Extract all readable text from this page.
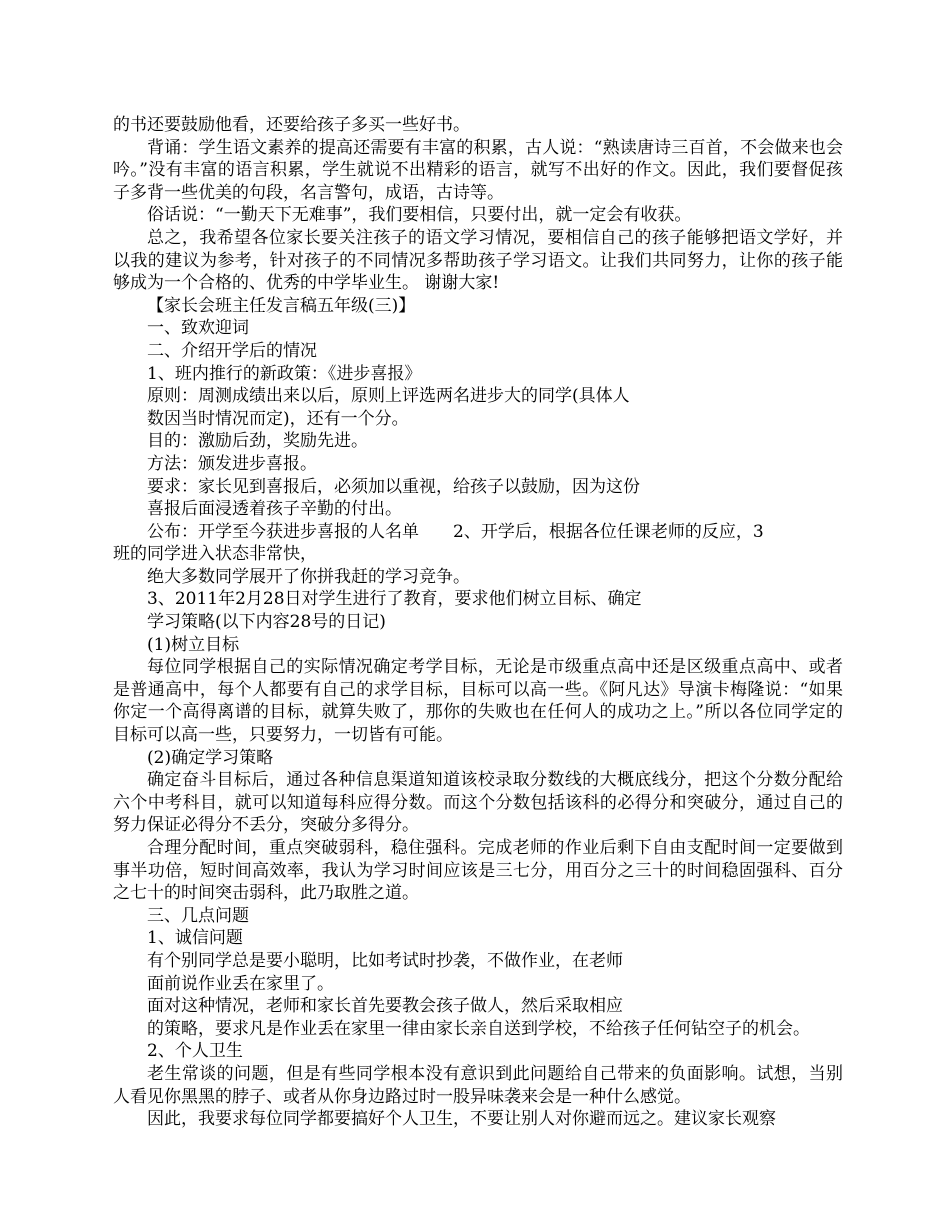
的书还要鼓励他看，还要给孩子多买一些好书。

背诵：学生语文素养的提高还需要有丰富的积累，古人说：“熟读唐诗三百首，不会做来也会吟。”没有丰富的语言积累，学生就说不出精彩的语言，就写不出好的作文。因此，我们要督促孩子多背一些优美的句段，名言警句，成语，古诗等。

俗话说：“一勤天下无难事”，我们要相信，只要付出，就一定会有收获。

总之，我希望各位家长要关注孩子的语文学习情况，要相信自己的孩子能够把语文学好，并以我的建议为参考，针对孩子的不同情况多帮助孩子学习语文。让我们共同努力，让你的孩子能够成为一个合格的、优秀的中学毕业生。 谢谢大家!

【家长会班主任发言稿五年级(三)】

一、致欢迎词

二、介绍开学后的情况

1、班内推行的新政策：《进步喜报》

原则：周测成绩出来以后，原则上评选两名进步大的同学(具体人

数因当时情况而定)，还有一个分。

目的：激励后劲，奖励先进。

方法：颁发进步喜报。

要求：家长见到喜报后，必须加以重视，给孩子以鼓励，因为这份

喜报后面浸透着孩子辛勤的付出。

公布：开学至今获进步喜报的人名单　　2、开学后，根据各位任课老师的反应，3

班的同学进入状态非常快，

绝大多数同学展开了你拼我赶的学习竞争。

3、2011年2月28日对学生进行了教育，要求他们树立目标、确定

学习策略(以下内容28号的日记)

(1)树立目标

每位同学根据自己的实际情况确定考学目标，无论是市级重点高中还是区级重点高中、或者是普通高中，每个人都要有自己的求学目标，目标可以高一些。《阿凡达》导演卡梅隆说：“如果你定一个高得离谱的目标，就算失败了，那你的失败也在任何人的成功之上。”所以各位同学定的目标可以高一些，只要努力，一切皆有可能。

(2)确定学习策略

确定奋斗目标后，通过各种信息渠道知道该校录取分数线的大概底线分，把这个分数分配给六个中考科目，就可以知道每科应得分数。而这个分数包括该科的必得分和突破分，通过自己的努力保证必得分不丢分，突破分多得分。

合理分配时间，重点突破弱科，稳住强科。完成老师的作业后剩下自由支配时间一定要做到事半功倍，短时间高效率，我认为学习时间应该是三七分，用百分之三十的时间稳固强科、百分之七十的时间突击弱科，此乃取胜之道。

三、几点问题

1、诚信问题

有个别同学总是要小聪明，比如考试时抄袭，不做作业，在老师

面前说作业丢在家里了。

面对这种情况，老师和家长首先要教会孩子做人，然后采取相应

的策略，要求凡是作业丢在家里一律由家长亲自送到学校，不给孩子任何钻空子的机会。

2、个人卫生

老生常谈的问题，但是有些同学根本没有意识到此问题给自己带来的负面影响。试想，当别人看见你黑黑的脖子、或者从你身边路过时一股异味袭来会是一种什么感觉。

因此，我要求每位同学都要搞好个人卫生，不要让别人对你避而远之。建议家长观察
